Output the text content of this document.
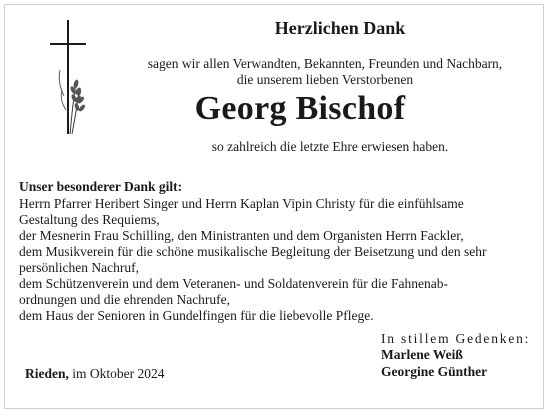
Herzlichen Dank
sagen wir allen Verwandten, Bekannten, Freunden und Nachbarn,
die unserem lieben Verstorbenen
Georg Bischof
so zahlreich die letzte Ehre erwiesen haben.
Unser besonderer Dank gilt:
Herrn Pfarrer Heribert Singer und Herrn Kaplan Vipin Christy für die einfühlsame
Gestaltung des Requiems,
der Mesnerin Frau Schilling, den Ministranten und dem Organisten Herrn Fackler,
dem Musikverein für die schöne musikalische Begleitung der Beisetzung und den sehr
persönlichen Nachruf,
dem Schützenverein und dem Veteranen- und Soldatenverein für die Fahnenab-
ordnungen und die ehrenden Nachrufe,
dem Haus der Senioren in Gundelfingen für die liebevolle Pflege.
In stillem Gedenken:
Marlene Weiß
Georgine Günther
Rieden, im Oktober 2024
